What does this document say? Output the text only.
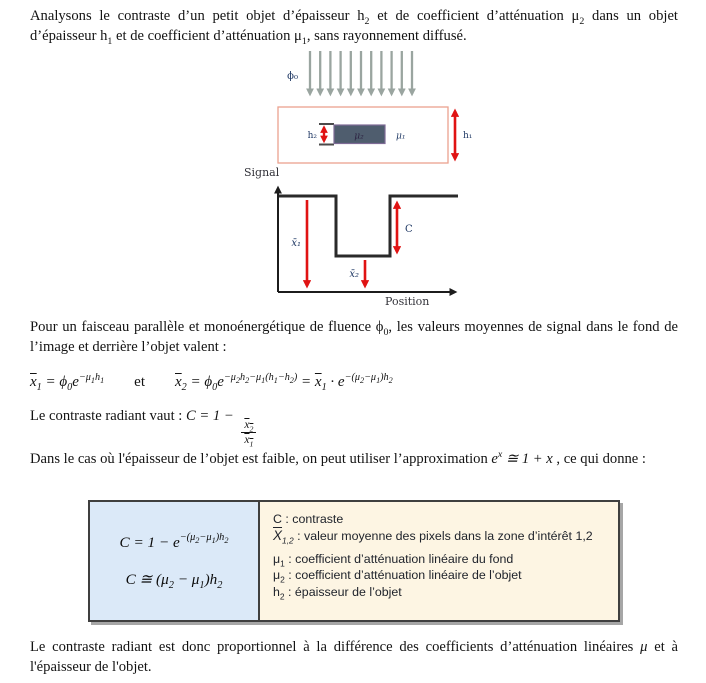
Analysons le contraste d’un petit objet d’épaisseur $h_2$ et de coefficient d’atténuation $\mu_2$ dans un objet d’épaisseur $h_1$ et de coefficient d’atténuation $\mu_1$, sans rayonnement diffusé.
ϕ₀
μ₂	μ₁
h₂	h₁
Signal
Position
x̄₁
x̄₂
C
Pour un faisceau parallèle et monoénergétique de fluence $\phi_0$, les valeurs moyennes de signal dans le fond de l’image et derrière l’objet valent :
$\overline{x}_1 = \phi_0e^{-\mu_1h_1}$ et $\overline{x}_2 = \phi_0e^{-\mu_2h_2-\mu_1(h_1-h_2)} = \overline{x}_1 \cdot e^{-(\mu_2-\mu_1)h_2}$
Le contraste radiant vaut : C = 1 −
$\frac{x_2}{x_1}$
Dans le cas où l'épaisseur de l’objet est faible, on peut utiliser l’approximation $e^x$ ≅ 1 + x , ce qui donne :
$C = 1 - e^{-(\mu_2-\mu_1)h_2}$
C ≅ $(\mu_2 - \mu_1)h_2$
C : contraste
$\overline{X}_{1,2}$ : valeur moyenne des pixels dans la zone d’intérêt 1,2
$\mu_1$ : coefficient d’atténuation linéaire du fond
$\mu_2$ : coefficient d’atténuation linéaire de l’objet
$h_2$ : épaisseur de l’objet
Le contraste radiant est donc proportionnel à la différence des coefficients d’atténuation linéaires μ et à l'épaisseur de l'objet.
